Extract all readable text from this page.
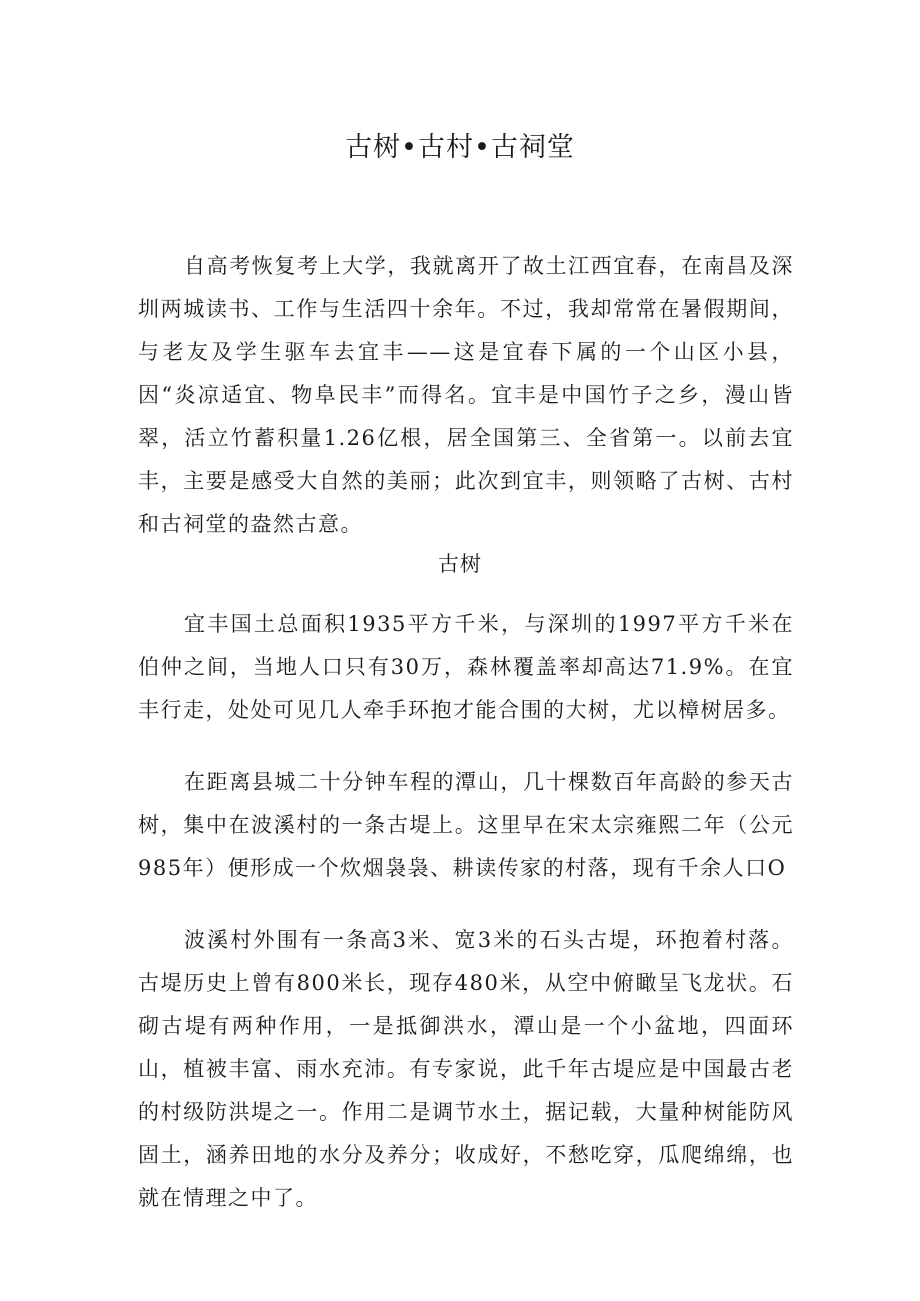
古树•古村•古祠堂

自高考恢复考上大学，我就离开了故土江西宜春，在南昌及深圳两城读书、工作与生活四十余年。不过，我却常常在暑假期间，与老友及学生驱车去宜丰——这是宜春下属的一个山区小县，因“炎凉适宜、物阜民丰”而得名。宜丰是中国竹子之乡，漫山皆翠，活立竹蓄积量1.26亿根，居全国第三、全省第一。以前去宜丰，主要是感受大自然的美丽；此次到宜丰，则领略了古树、古村和古祠堂的盎然古意。

古树

宜丰国土总面积1935平方千米，与深圳的1997平方千米在伯仲之间，当地人口只有30万，森林覆盖率却高达71.9%。在宜丰行走，处处可见几人牵手环抱才能合围的大树，尤以樟树居多。

在距离县城二十分钟车程的潭山，几十棵数百年高龄的参天古树，集中在波溪村的一条古堤上。这里早在宋太宗雍熙二年（公元985年）便形成一个炊烟袅袅、耕读传家的村落，现有千余人口O

波溪村外围有一条高3米、宽3米的石头古堤，环抱着村落。古堤历史上曾有800米长，现存480米，从空中俯瞰呈飞龙状。石砌古堤有两种作用，一是抵御洪水，潭山是一个小盆地，四面环山，植被丰富、雨水充沛。有专家说，此千年古堤应是中国最古老的村级防洪堤之一。作用二是调节水土，据记载，大量种树能防风固土，涵养田地的水分及养分；收成好，不愁吃穿，瓜爬绵绵，也就在情理之中了。
